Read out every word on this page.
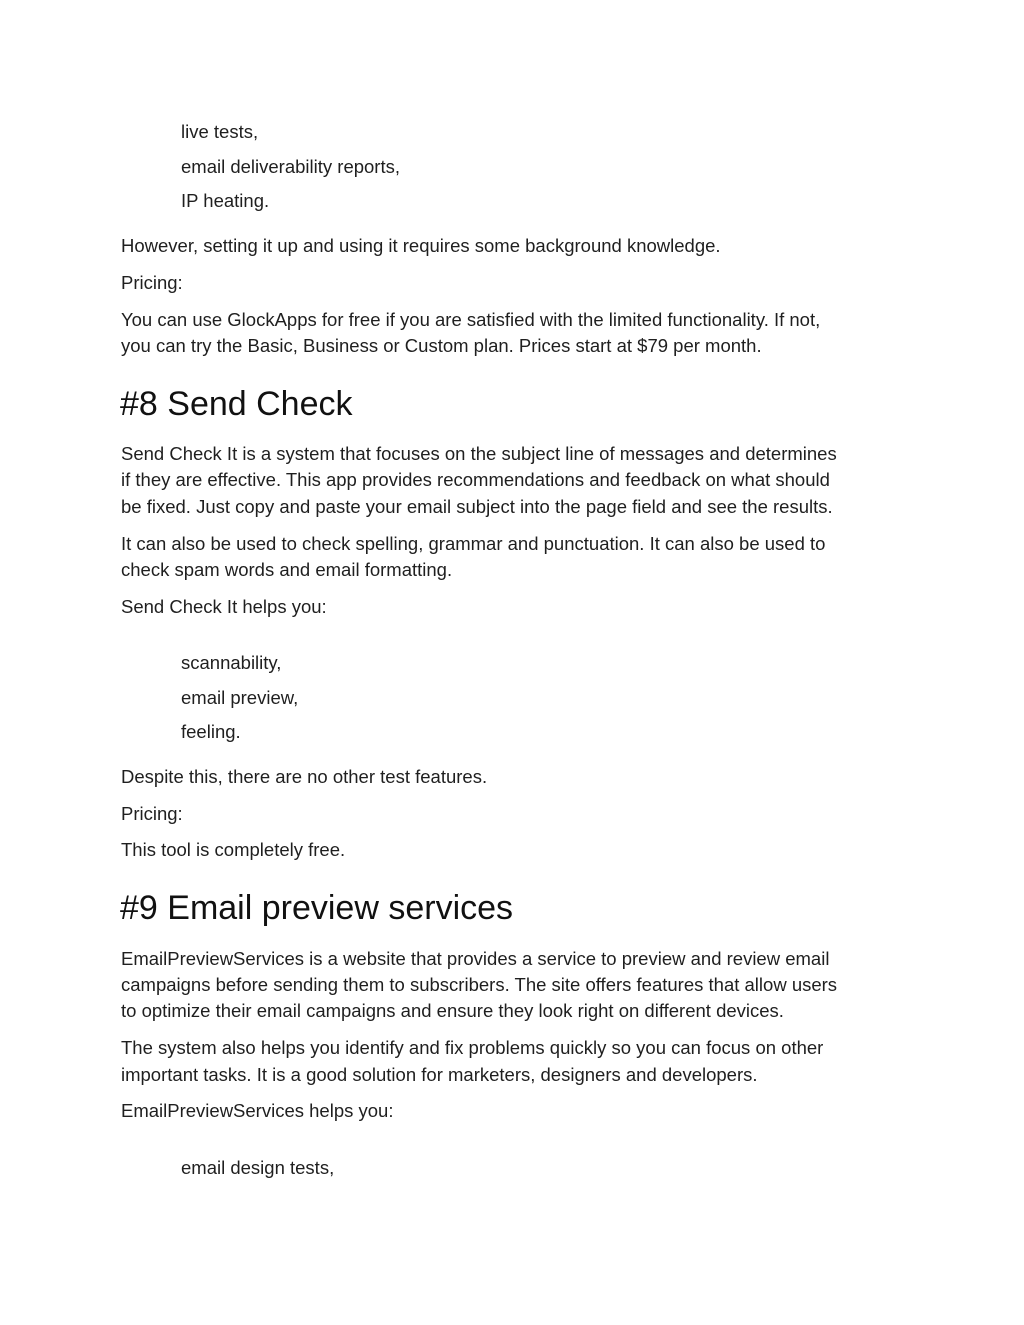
live tests,

email deliverability reports,

IP heating.

However, setting it up and using it requires some background knowledge.

Pricing:

You can use GlockApps for free if you are satisfied with the limited functionality. If not,

you can try the Basic, Business or Custom plan. Prices start at $79 per month.

#8 Send Check

Send Check It is a system that focuses on the subject line of messages and determines

if they are effective. This app provides recommendations and feedback on what should

be fixed. Just copy and paste your email subject into the page field and see the results.

It can also be used to check spelling, grammar and punctuation. It can also be used to

check spam words and email formatting.

Send Check It helps you:

scannability,

email preview,

feeling.

Despite this, there are no other test features.

Pricing:

This tool is completely free.

#9 Email preview services

EmailPreviewServices is a website that provides a service to preview and review email

campaigns before sending them to subscribers. The site offers features that allow users

to optimize their email campaigns and ensure they look right on different devices.

The system also helps you identify and fix problems quickly so you can focus on other

important tasks. It is a good solution for marketers, designers and developers.

EmailPreviewServices helps you:

email design tests,
